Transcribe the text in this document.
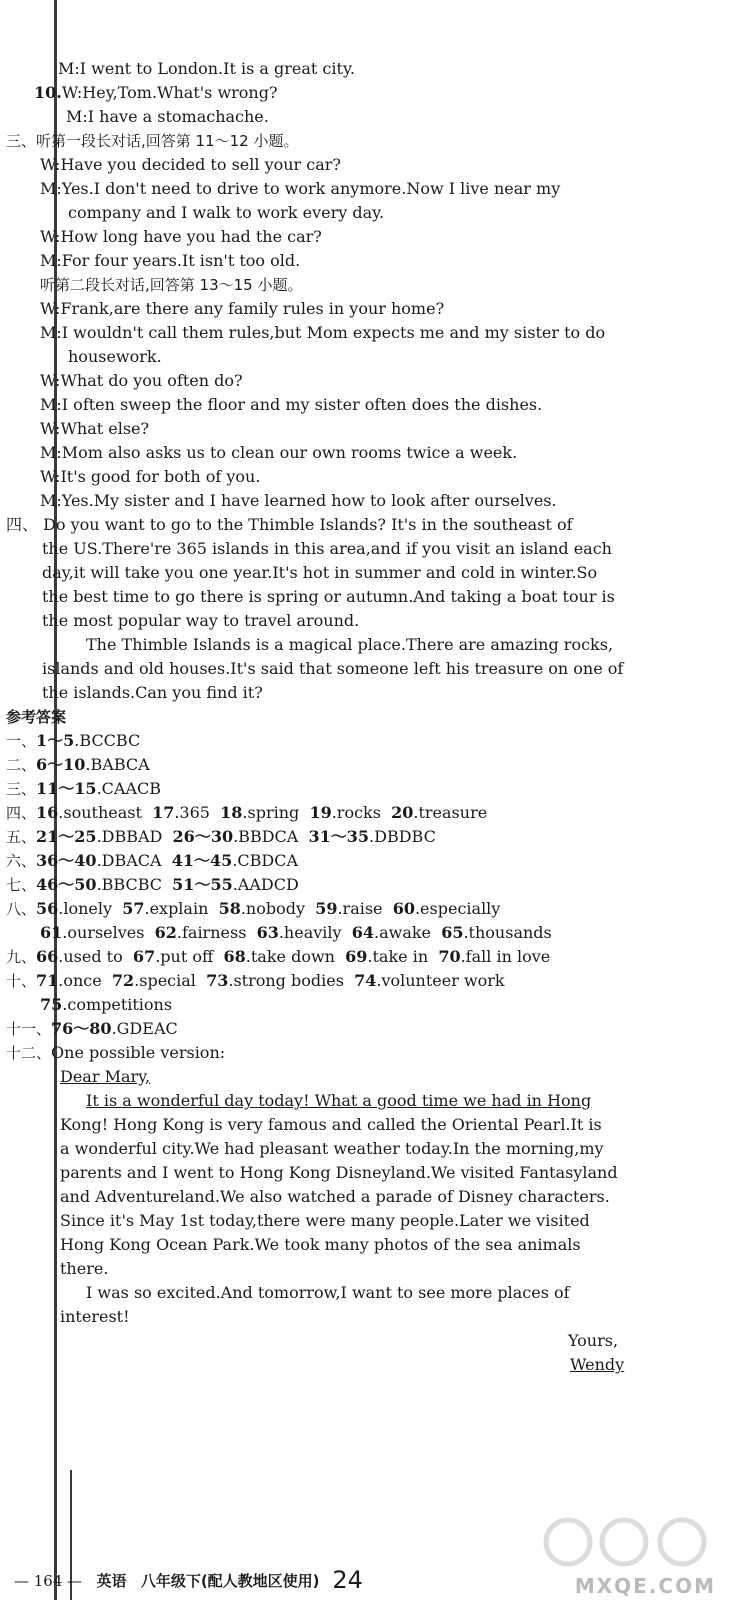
M:I went to London.It is a great city.
10.W:Hey,Tom.What's wrong?
M:I have a stomachache.
三、听第一段长对话,回答第 11～12 小题。
W:Have you decided to sell your car?
M:Yes.I don't need to drive to work anymore.Now I live near my
company and I walk to work every day.
W:How long have you had the car?
M:For four years.It isn't too old.
听第二段长对话,回答第 13～15 小题。
W:Frank,are there any family rules in your home?
M:I wouldn't call them rules,but Mom expects me and my sister to do
housework.
W:What do you often do?
M:I often sweep the floor and my sister often does the dishes.
W:What else?
M:Mom also asks us to clean our own rooms twice a week.
W:It's good for both of you.
M:Yes.My sister and I have learned how to look after ourselves.
四、 Do you want to go to the Thimble Islands? It's in the southeast of
the US.There're 365 islands in this area,and if you visit an island each
day,it will take you one year.It's hot in summer and cold in winter.So
the best time to go there is spring or autumn.And taking a boat tour is
the most popular way to travel around.
The Thimble Islands is a magical place.There are amazing rocks,
islands and old houses.It's said that someone left his treasure on one of
the islands.Can you find it?
参考答案
一、1～5.BCCBC
二、6～10.BABCA
三、11～15.CAACB
四、16.southeast 17.365 18.spring 19.rocks 20.treasure
五、21～25.DBBAD 26～30.BBDCA 31～35.DBDBC
六、36～40.DBACA 41～45.CBDCA
七、46～50.BBCBC 51～55.AADCD
八、56.lonely 57.explain 58.nobody 59.raise 60.especially
61.ourselves 62.fairness 63.heavily 64.awake 65.thousands
九、66.used to 67.put off 68.take down 69.take in 70.fall in love
十、71.once 72.special 73.strong bodies 74.volunteer work
75.competitions
十一、76～80.GDEAC
十二、One possible version:
Dear Mary,
It is a wonderful day today! What a good time we had in Hong
Kong! Hong Kong is very famous and called the Oriental Pearl.It is
a wonderful city.We had pleasant weather today.In the morning,my
parents and I went to Hong Kong Disneyland.We visited Fantasyland
and Adventureland.We also watched a parade of Disney characters.
Since it's May 1st today,there were many people.Later we visited
Hong Kong Ocean Park.We took many photos of the sea animals
there.
I was so excited.And tomorrow,I want to see more places of
interest!
Yours,
Wendy
— 164 — 英语 八年级下(配人教地区使用) 24	MXQE.COM
